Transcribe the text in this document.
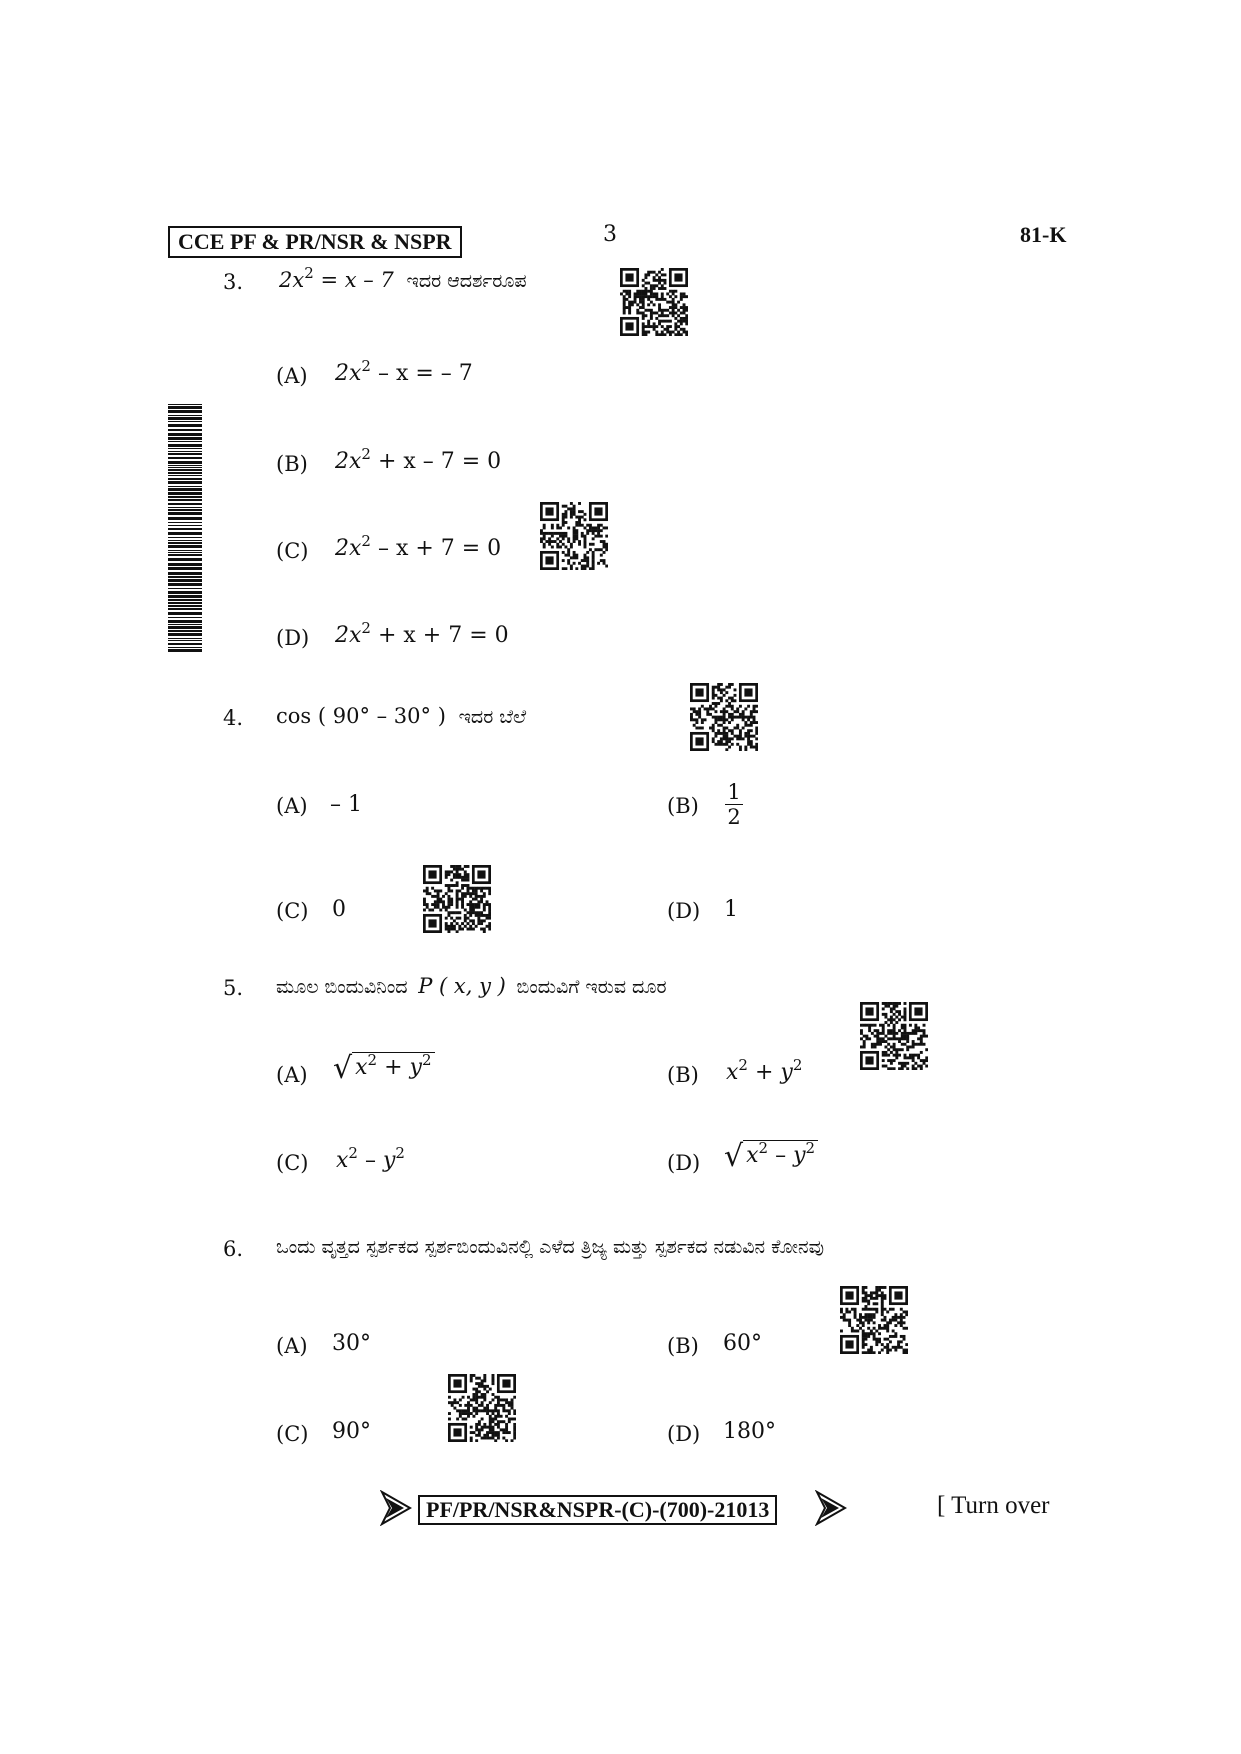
CCE PF & PR/NSR & NSPR	3	81-K
3. $2x^2 = x - 7$ ಇದರ ಆದರ್ಶರೂಪ
(A) $2x^2$ – x = – 7
(B) $2x^2 + x - 7 = 0$
(C) $2x^2 - x + 7 = 0$
(D) $2x^2 + x + 7 = 0$
4. cos ( 90° – 30° ) ಇದರ ಬೆಲೆ
(A) – 1	(B)
1
2
(C) 0	(D) 1
5. ಮೂಲ ಬಿಂದುವಿನಿಂದ P ( x, y ) ಬಿಂದುವಿಗೆ ಇರುವ ದೂರ
(A) √ $x^2 + y^2$
(B) $x^2 + y^2$
(C) $x^2 - y^2$	(D) √ $x^2 - y^2$
6. ಒಂದು ವೃತ್ತದ ಸ್ಪರ್ಶಕದ ಸ್ಪರ್ಶಬಿಂದುವಿನಲ್ಲಿ ಎಳೆದ ತ್ರಿಜ್ಯ ಮತ್ತು ಸ್ಪರ್ಶಕದ ನಡುವಿನ ಕೋನವು
(A) 30°	(B) 60°
(C) 90°	(D) 180°
PF/PR/NSR&NSPR-(C)-(700)-21013	[ Turn over
